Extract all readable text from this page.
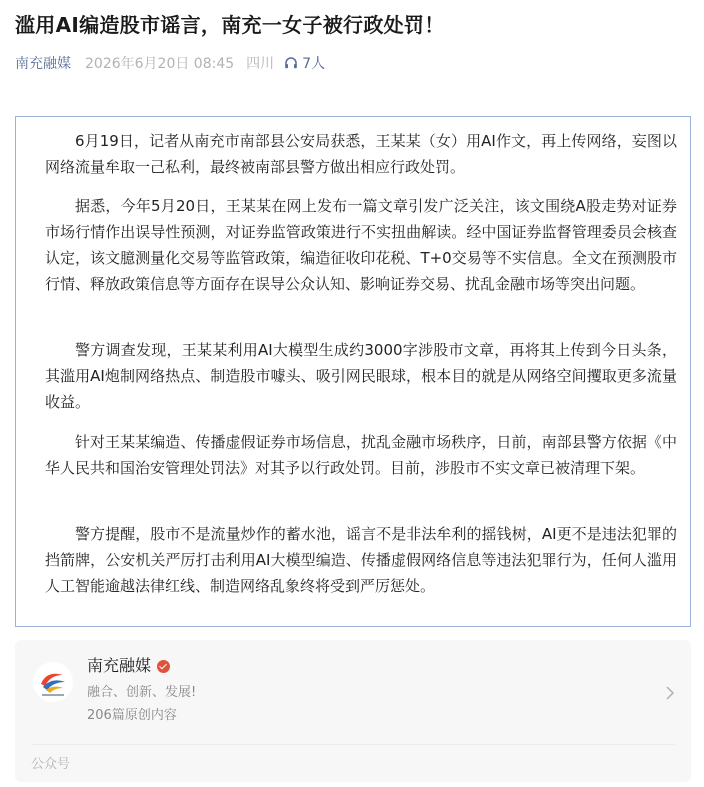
滥用AI编造股市谣言，南充一女子被行政处罚！
南充融媒 2026年6月20日 08:45 四川 7人

6月19日，记者从南充市南部县公安局获悉，王某某（女）用AI作文，再上传网络，妄图以网络流量牟取一己私利，最终被南部县警方做出相应行政处罚。

据悉，今年5月20日，王某某在网上发布一篇文章引发广泛关注，该文围绕A股走势对证券市场行情作出误导性预测，对证券监管政策进行不实扭曲解读。经中国证券监督管理委员会核查认定，该文臆测量化交易等监管政策，编造征收印花税、T+0交易等不实信息。全文在预测股市行情、释放政策信息等方面存在误导公众认知、影响证券交易、扰乱金融市场等突出问题。

警方调查发现，王某某利用AI大模型生成约3000字涉股市文章，再将其上传到今日头条，其滥用AI炮制网络热点、制造股市噱头、吸引网民眼球，根本目的就是从网络空间攫取更多流量收益。

针对王某某编造、传播虚假证券市场信息，扰乱金融市场秩序，日前，南部县警方依据《中华人民共和国治安管理处罚法》对其予以行政处罚。目前，涉股市不实文章已被清理下架。

警方提醒，股市不是流量炒作的蓄水池，谣言不是非法牟利的摇钱树，AI更不是违法犯罪的挡箭牌，公安机关严厉打击利用AI大模型编造、传播虚假网络信息等违法犯罪行为，任何人滥用人工智能逾越法律红线、制造网络乱象终将受到严厉惩处。

南充融媒
融合、创新、发展!
206篇原创内容
公众号
